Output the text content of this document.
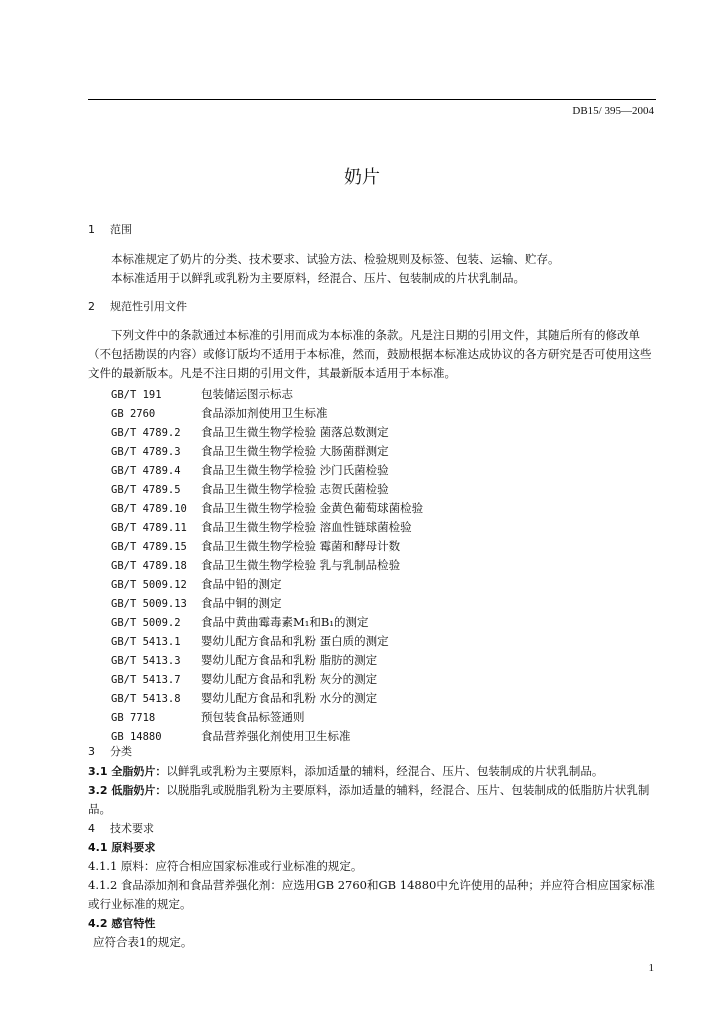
DB15/ 395—2004
奶片
1 范围
本标准规定了奶片的分类、技术要求、试验方法、检验规则及标签、包装、运输、贮存。
本标准适用于以鲜乳或乳粉为主要原料，经混合、压片、包装制成的片状乳制品。
2 规范性引用文件
下列文件中的条款通过本标准的引用而成为本标准的条款。凡是注日期的引用文件，其随后所有的修改单（不包括勘误的内容）或修订版均不适用于本标准，然而，鼓励根据本标准达成协议的各方研究是否可使用这些文件的最新版本。凡是不注日期的引用文件，其最新版本适用于本标准。
GB/T 191	包装储运图示标志
GB 2760	食品添加剂使用卫生标准
GB/T 4789.2 食品卫生微生物学检验 菌落总数测定
GB/T 4789.3 食品卫生微生物学检验 大肠菌群测定
GB/T 4789.4 食品卫生微生物学检验 沙门氏菌检验
GB/T 4789.5 食品卫生微生物学检验 志贺氏菌检验
GB/T 4789.10 食品卫生微生物学检验 金黄色葡萄球菌检验
GB/T 4789.11 食品卫生微生物学检验 溶血性链球菌检验
GB/T 4789.15 食品卫生微生物学检验 霉菌和酵母计数
GB/T 4789.18 食品卫生微生物学检验 乳与乳制品检验
GB/T 5009.12 食品中铅的测定
GB/T 5009.13 食品中铜的测定
GB/T 5009.2 食品中黄曲霉毒素M₁和B₁的测定
GB/T 5413.1 婴幼儿配方食品和乳粉 蛋白质的测定
GB/T 5413.3 婴幼儿配方食品和乳粉 脂肪的测定
GB/T 5413.7 婴幼儿配方食品和乳粉 灰分的测定
GB/T 5413.8 婴幼儿配方食品和乳粉 水分的测定
GB 7718	预包装食品标签通则
GB 14880	食品营养强化剂使用卫生标准
3 分类
3.1 全脂奶片：以鲜乳或乳粉为主要原料，添加适量的辅料，经混合、压片、包装制成的片状乳制品。
3.2 低脂奶片：以脱脂乳或脱脂乳粉为主要原料，添加适量的辅料，经混合、压片、包装制成的低脂肪片状乳制品。
4 技术要求
4.1 原料要求
4.1.1 原料：应符合相应国家标准或行业标准的规定。
4.1.2 食品添加剂和食品营养强化剂：应选用GB 2760和GB 14880中允许使用的品种；并应符合相应国家标准或行业标准的规定。
4.2 感官特性
应符合表1的规定。
1
